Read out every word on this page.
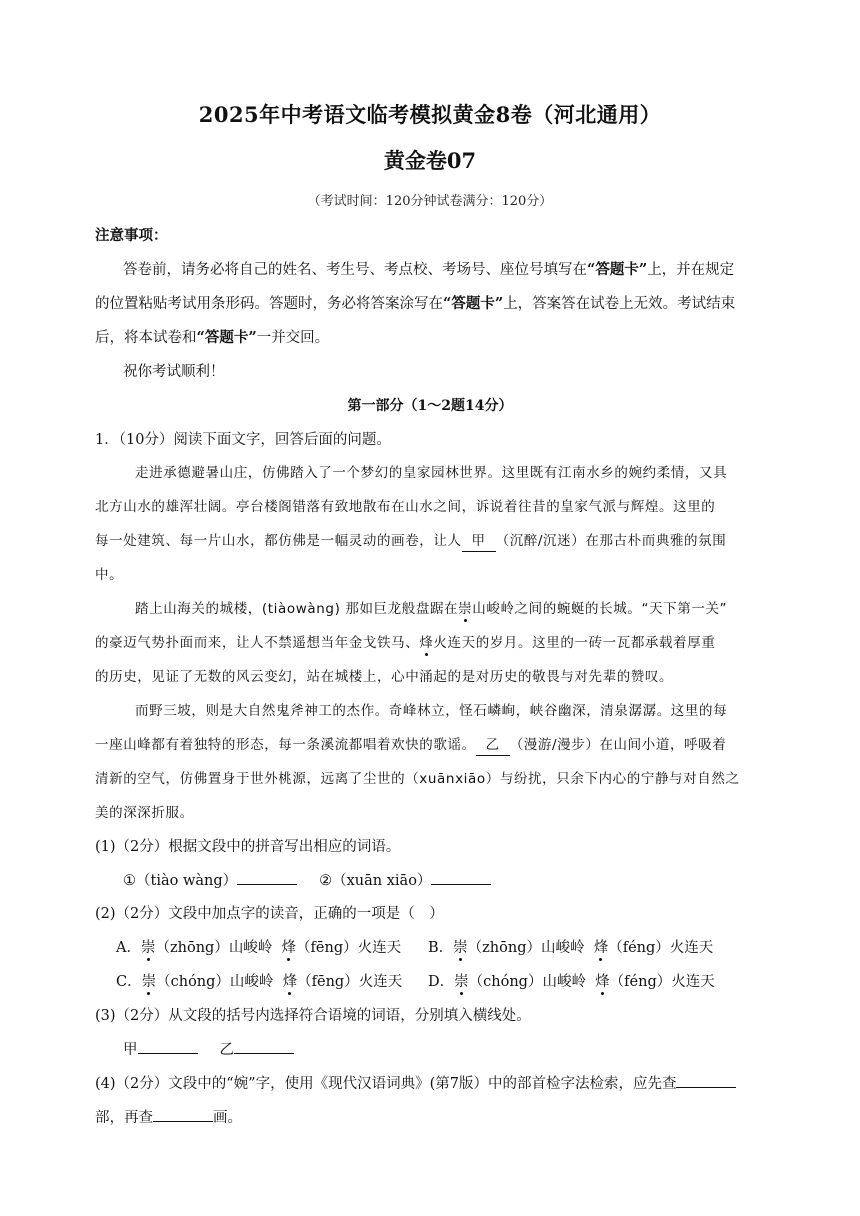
2025年中考语文临考模拟黄金8卷（河北通用）
黄金卷07
（考试时间：120分钟试卷满分：120分）
注意事项：
答卷前，请务必将自己的姓名、考生号、考点校、考场号、座位号填写在“答题卡”上，并在规定
的位置粘贴考试用条形码。答题时，务必将答案涂写在“答题卡”上，答案答在试卷上无效。考试结束
后，将本试卷和“答题卡”一并交回。
祝你考试顺利！
第一部分（1～2题14分）
1．（10分）阅读下面文字，回答后面的问题。
走进承德避暑山庄，仿佛踏入了一个梦幻的皇家园林世界。这里既有江南水乡的婉约柔情，又具
北方山水的雄浑壮阔。亭台楼阁错落有致地散布在山水之间，诉说着往昔的皇家气派与辉煌。这里的
每一处建筑、每一片山水，都仿佛是一幅灵动的画卷，让人 甲 （沉醉/沉迷）在那古朴而典雅的氛围
中。
踏上山海关的城楼，(tiàowàng) 那如巨龙般盘踞在崇山峻岭之间的蜿蜒的长城。“天下第一关”
的豪迈气势扑面而来，让人不禁遥想当年金戈铁马、烽火连天的岁月。这里的一砖一瓦都承载着厚重
的历史，见证了无数的风云变幻，站在城楼上，心中涌起的是对历史的敬畏与对先辈的赞叹。
而野三坡，则是大自然鬼斧神工的杰作。奇峰林立，怪石嶙峋，峡谷幽深，清泉潺潺。这里的每
一座山峰都有着独特的形态，每一条溪流都唱着欢快的歌谣。 乙 （漫游/漫步）在山间小道，呼吸着
清新的空气，仿佛置身于世外桃源，远离了尘世的（xuānxiāo）与纷扰，只余下内心的宁静与对自然之
美的深深折服。
(1)（2分）根据文段中的拼音写出相应的词语。
①（tiào wàng）	②（xuān xiāo）
(2)（2分）文段中加点字的读音，正确的一项是（　）
A．崇（zhōng）山峻岭 烽（fēng）火连天 B．崇（zhōng）山峻岭 烽（féng）火连天
C．崇（chóng）山峻岭 烽（fēng）火连天 D．崇（chóng）山峻岭 烽（féng）火连天
(3)（2分）从文段的括号内选择符合语境的词语，分别填入横线处。
甲	乙
(4)（2分）文段中的“婉”字，使用《现代汉语词典》(第7版）中的部首检字法检索，应先查
部，再查	画。
